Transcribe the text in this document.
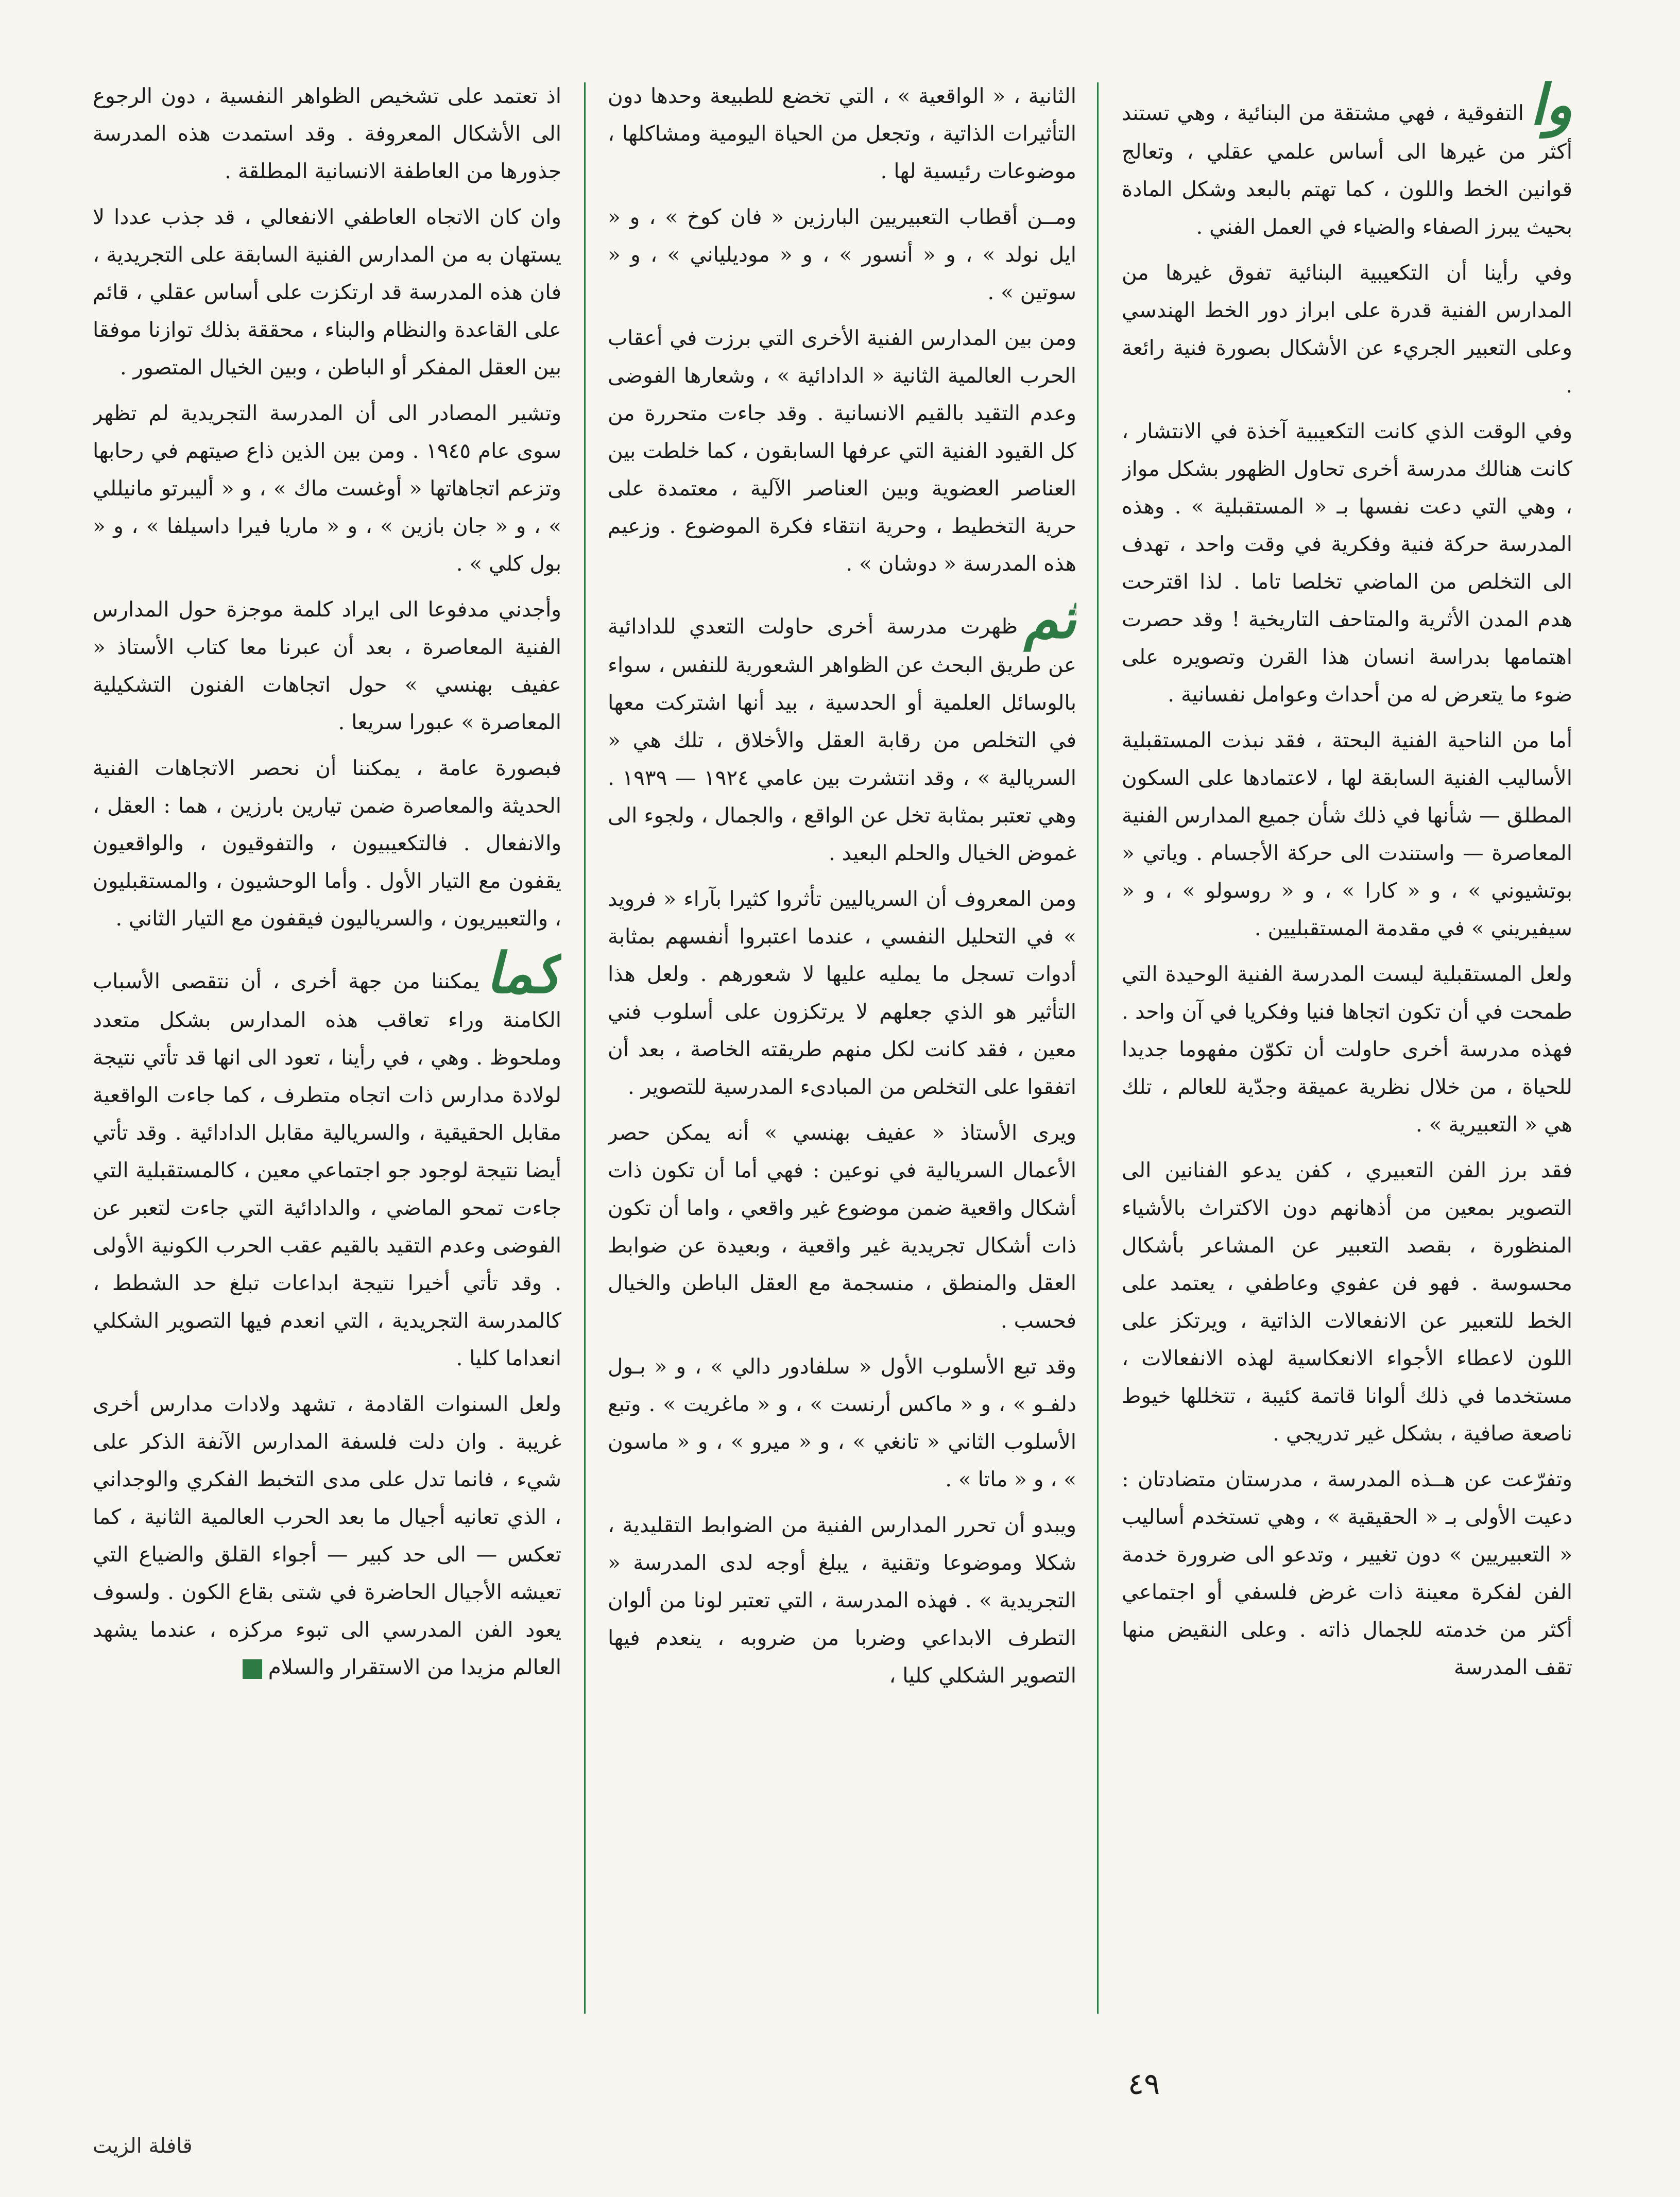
واالتفوقية ، فهي مشتقة من البنائية ، وهي تستند أكثر من غيرها الى أساس علمي عقلي ، وتعالج قوانين الخط واللون ، كما تهتم بالبعد وشكل المادة بحيث يبرز الصفاء والضياء في العمل الفني .

وفي رأينا أن التكعيبية البنائية تفوق غيرها من المدارس الفنية قدرة على ابراز دور الخط الهندسي وعلى التعبير الجريء عن الأشكال بصورة فنية رائعة .

وفي الوقت الذي كانت التكعيبية آخذة في الانتشار ، كانت هنالك مدرسة أخرى تحاول الظهور بشكل مواز ، وهي التي دعت نفسها بـ « المستقبلية » . وهذه المدرسة حركة فنية وفكرية في وقت واحد ، تهدف الى التخلص من الماضي تخلصا تاما . لذا اقترحت هدم المدن الأثرية والمتاحف التاريخية ! وقد حصرت اهتمامها بدراسة انسان هذا القرن وتصويره على ضوء ما يتعرض له من أحداث وعوامل نفسانية .

أما من الناحية الفنية البحتة ، فقد نبذت المستقبلية الأساليب الفنية السابقة لها ، لاعتمادها على السكون المطلق — شأنها في ذلك شأن جميع المدارس الفنية المعاصرة — واستندت الى حركة الأجسام . وياتي « بوتشيوني » ، و « كارا » ، و « روسولو » ، و « سيفيريني » في مقدمة المستقبليين .

ولعل المستقبلية ليست المدرسة الفنية الوحيدة التي طمحت في أن تكون اتجاها فنيا وفكريا في آن واحد . فهذه مدرسة أخرى حاولت أن تكوّن مفهوما جديدا للحياة ، من خلال نظرية عميقة وجدّية للعالم ، تلك هي « التعبيرية » .

فقد برز الفن التعبيري ، كفن يدعو الفنانين الى التصوير بمعين من أذهانهم دون الاكتراث بالأشياء المنظورة ، بقصد التعبير عن المشاعر بأشكال محسوسة . فهو فن عفوي وعاطفي ، يعتمد على الخط للتعبير عن الانفعالات الذاتية ، ويرتكز على اللون لاعطاء الأجواء الانعكاسية لهذه الانفعالات ، مستخدما في ذلك ألوانا قاتمة كئيبة ، تتخللها خيوط ناصعة صافية ، بشكل غير تدريجي .

وتفرّعت عن هــذه المدرسة ، مدرستان متضادتان : دعيت الأولى بـ « الحقيقية » ، وهي تستخدم أساليب « التعبيريين » دون تغيير ، وتدعو الى ضرورة خدمة الفن لفكرة معينة ذات غرض فلسفي أو اجتماعي أكثر من خدمته للجمال ذاته . وعلى النقيض منها تقف المدرسة

الثانية ، « الواقعية » ، التي تخضع للطبيعة وحدها دون التأثيرات الذاتية ، وتجعل من الحياة اليومية ومشاكلها ، موضوعات رئيسية لها .

ومــن أقطاب التعبيريين البارزين « فان كوخ » ، و « ايل نولد » ، و « أنسور » ، و « موديلياني » ، و « سوتين » .

ومن بين المدارس الفنية الأخرى التي برزت في أعقاب الحرب العالمية الثانية « الدادائية » ، وشعارها الفوضى وعدم التقيد بالقيم الانسانية . وقد جاءت متحررة من كل القيود الفنية التي عرفها السابقون ، كما خلطت بين العناصر العضوية وبين العناصر الآلية ، معتمدة على حرية التخطيط ، وحرية انتقاء فكرة الموضوع . وزعيم هذه المدرسة « دوشان » .

ثمظهرت مدرسة أخرى حاولت التعدي للدادائية عن طريق البحث عن الظواهر الشعورية للنفس ، سواء بالوسائل العلمية أو الحدسية ، بيد أنها اشتركت معها في التخلص من رقابة العقل والأخلاق ، تلك هي « السريالية » ، وقد انتشرت بين عامي ١٩٢٤ — ١٩٣٩ . وهي تعتبر بمثابة تخل عن الواقع ، والجمال ، ولجوء الى غموض الخيال والحلم البعيد .

ومن المعروف أن السرياليين تأثروا كثيرا بآراء « فرويد » في التحليل النفسي ، عندما اعتبروا أنفسهم بمثابة أدوات تسجل ما يمليه عليها لا شعورهم . ولعل هذا التأثير هو الذي جعلهم لا يرتكزون على أسلوب فني معين ، فقد كانت لكل منهم طريقته الخاصة ، بعد أن اتفقوا على التخلص من المبادىء المدرسية للتصوير .

ويرى الأستاذ « عفيف بهنسي » أنه يمكن حصر الأعمال السريالية في نوعين : فهي أما أن تكون ذات أشكال واقعية ضمن موضوع غير واقعي ، واما أن تكون ذات أشكال تجريدية غير واقعية ، وبعيدة عن ضوابط العقل والمنطق ، منسجمة مع العقل الباطن والخيال فحسب .

وقد تبع الأسلوب الأول « سلفادور دالي » ، و « بـول دلفـو » ، و « ماكس أرنست » ، و « ماغريت » . وتبع الأسلوب الثاني « تانغي » ، و « ميرو » ، و « ماسون » ، و « ماتا » .

ويبدو أن تحرر المدارس الفنية من الضوابط التقليدية ، شكلا وموضوعا وتقنية ، يبلغ أوجه لدى المدرسة « التجريدية » . فهذه المدرسة ، التي تعتبر لونا من ألوان التطرف الابداعي وضربا من ضروبه ، ينعدم فيها التصوير الشكلي كليا ،

اذ تعتمد على تشخيص الظواهر النفسية ، دون الرجوع الى الأشكال المعروفة . وقد استمدت هذه المدرسة جذورها من العاطفة الانسانية المطلقة .

وان كان الاتجاه العاطفي الانفعالي ، قد جذب عددا لا يستهان به من المدارس الفنية السابقة على التجريدية ، فان هذه المدرسة قد ارتكزت على أساس عقلي ، قائم على القاعدة والنظام والبناء ، محققة بذلك توازنا موفقا بين العقل المفكر أو الباطن ، وبين الخيال المتصور .

وتشير المصادر الى أن المدرسة التجريدية لم تظهر سوى عام ١٩٤٥ . ومن بين الذين ذاع صيتهم في رحابها وتزعم اتجاهاتها « أوغست ماك » ، و « أليبرتو مانيللي » ، و « جان بازين » ، و « ماريا فيرا داسيلفا » ، و « بول كلي » .

وأجدني مدفوعا الى ايراد كلمة موجزة حول المدارس الفنية المعاصرة ، بعد أن عبرنا معا كتاب الأستاذ « عفيف بهنسي » حول اتجاهات الفنون التشكيلية المعاصرة » عبورا سريعا .

فبصورة عامة ، يمكننا أن نحصر الاتجاهات الفنية الحديثة والمعاصرة ضمن تيارين بارزين ، هما : العقل ، والانفعال . فالتكعيبيون ، والتفوقيون ، والواقعيون يقفون مع التيار الأول . وأما الوحشيون ، والمستقبليون ، والتعبيريون ، والسرياليون فيقفون مع التيار الثاني .

كمايمكننا من جهة أخرى ، أن نتقصى الأسباب الكامنة وراء تعاقب هذه المدارس بشكل متعدد وملحوظ . وهي ، في رأينا ، تعود الى انها قد تأتي نتيجة لولادة مدارس ذات اتجاه متطرف ، كما جاءت الواقعية مقابل الحقيقية ، والسريالية مقابل الدادائية . وقد تأتي أيضا نتيجة لوجود جو اجتماعي معين ، كالمستقبلية التي جاءت تمحو الماضي ، والدادائية التي جاءت لتعبر عن الفوضى وعدم التقيد بالقيم عقب الحرب الكونية الأولى . وقد تأتي أخيرا نتيجة ابداعات تبلغ حد الشطط ، كالمدرسة التجريدية ، التي انعدم فيها التصوير الشكلي انعداما كليا .

ولعل السنوات القادمة ، تشهد ولادات مدارس أخرى غريبة . وان دلت فلسفة المدارس الآنفة الذكر على شيء ، فانما تدل على مدى التخبط الفكري والوجداني ، الذي تعانيه أجيال ما بعد الحرب العالمية الثانية ، كما تعكس — الى حد كبير — أجواء القلق والضياع التي تعيشه الأجيال الحاضرة في شتى بقاع الكون . ولسوف يعود الفن المدرسي الى تبوء مركزه ، عندما يشهد العالم مزيدا من الاستقرار والسلام

٤٩
قافلة الزيت
